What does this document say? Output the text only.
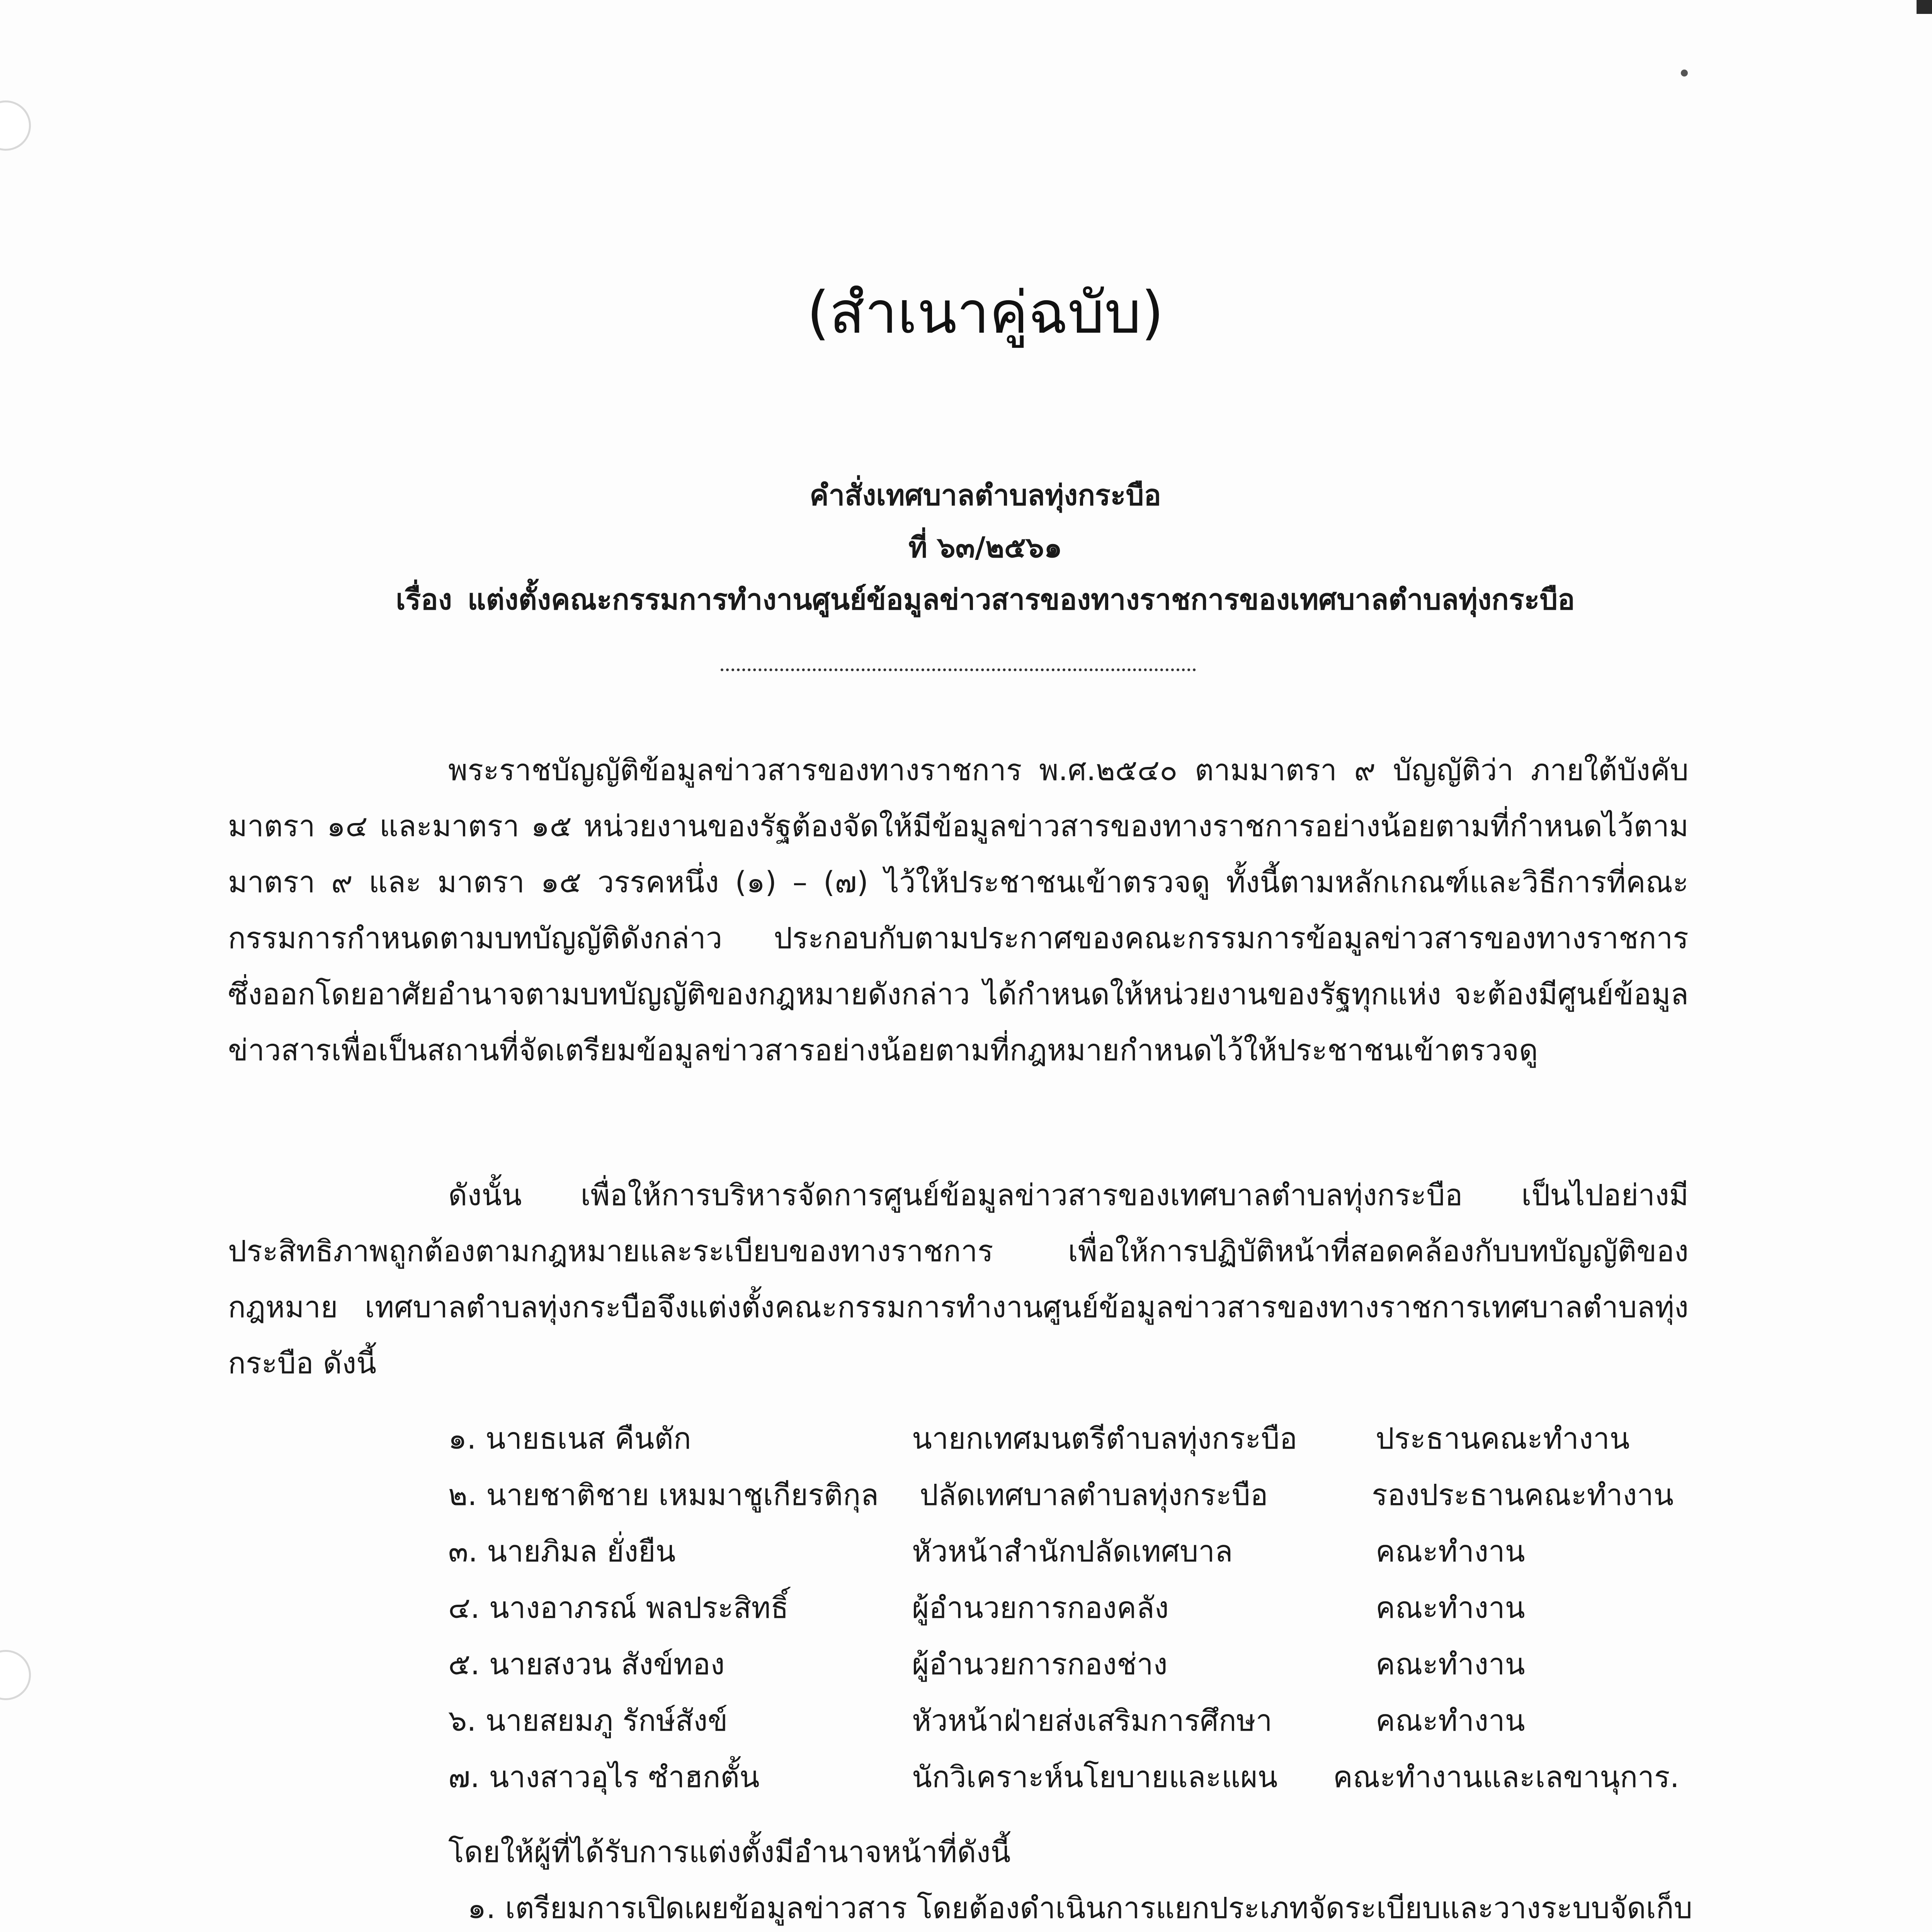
(สำเนาคู่ฉบับ)
คำสั่งเทศบาลตำบลทุ่งกระบือ
ที่ ๖๓/๒๕๖๑
เรื่อง แต่งตั้งคณะกรรมการทำงานศูนย์ข้อมูลข่าวสารของทางราชการของเทศบาลตำบลทุ่งกระบือ

พระราชบัญญัติข้อมูลข่าวสารของทางราชการ พ.ศ.๒๕๔๐ ตามมาตรา ๙ บัญญัติว่า ภายใต้บังคับมาตรา ๑๔ และมาตรา ๑๕ หน่วยงานของรัฐต้องจัดให้มีข้อมูลข่าวสารของทางราชการอย่างน้อยตามที่กำหนดไว้ตาม มาตรา ๙ และ มาตรา ๑๕ วรรคหนึ่ง (๑) – (๗) ไว้ให้ประชาชนเข้าตรวจดู ทั้งนี้ตามหลักเกณฑ์และวิธีการที่คณะกรรมการกำหนดตามบทบัญญัติดังกล่าว ประกอบกับตามประกาศของคณะกรรมการข้อมูลข่าวสารของทางราชการ ซึ่งออกโดยอาศัยอำนาจตามบทบัญญัติของกฎหมายดังกล่าว ได้กำหนดให้หน่วยงานของรัฐทุกแห่ง จะต้องมีศูนย์ข้อมูลข่าวสารเพื่อเป็นสถานที่จัดเตรียมข้อมูลข่าวสารอย่างน้อยตามที่กฎหมายกำหนดไว้ให้ประชาชนเข้าตรวจดู

ดังนั้น เพื่อให้การบริหารจัดการศูนย์ข้อมูลข่าวสารของเทศบาลตำบลทุ่งกระบือ เป็นไปอย่างมีประสิทธิภาพถูกต้องตามกฎหมายและระเบียบของทางราชการ เพื่อให้การปฏิบัติหน้าที่สอดคล้องกับบทบัญญัติของกฎหมาย เทศบาลตำบลทุ่งกระบือจึงแต่งตั้งคณะกรรมการทำงานศูนย์ข้อมูลข่าวสารของทางราชการเทศบาลตำบลทุ่งกระบือ ดังนี้

๑. นายธเนส คืนตัก	นายกเทศมนตรีตำบลทุ่งกระบือ	ประธานคณะทำงาน
๒. นายชาติชาย เหมมาชูเกียรติกุล ปลัดเทศบาลตำบลทุ่งกระบือ	รองประธานคณะทำงาน
๓. นายภิมล ยั่งยืน	หัวหน้าสำนักปลัดเทศบาล	คณะทำงาน
๔. นางอาภรณ์ พลประสิทธิ์	ผู้อำนวยการกองคลัง	คณะทำงาน
๕. นายสงวน สังข์ทอง	ผู้อำนวยการกองช่าง	คณะทำงาน
๖. นายสยมภู รักษ์สังข์	หัวหน้าฝ่ายส่งเสริมการศึกษา	คณะทำงาน
๗. นางสาวอุไร ซำฮกตั้น	นักวิเคราะห์นโยบายและแผน คณะทำงานและเลขานุการ.
โดยให้ผู้ที่ได้รับการแต่งตั้งมีอำนาจหน้าที่ดังนี้

๑. เตรียมการเปิดเผยข้อมูลข่าวสาร โดยต้องดำเนินการแยกประเภทจัดระเบียบและวางระบบจัดเก็บ
